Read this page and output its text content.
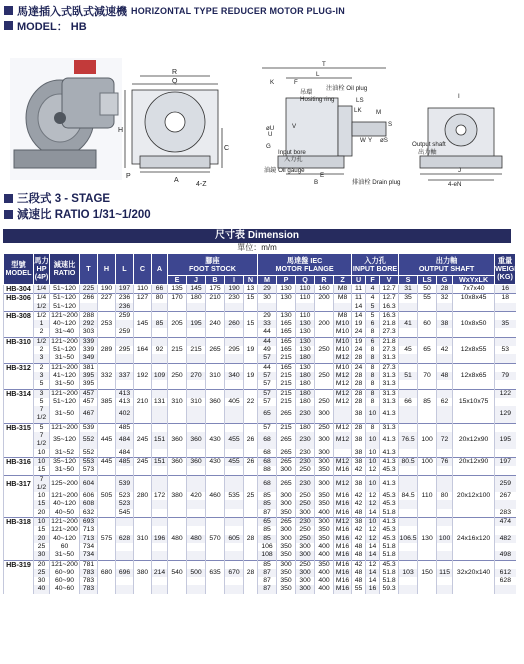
馬達插入式臥式減速機 HORIZONTAL TYPE REDUCER MOTOR PLUG-IN
MODEL： HB
R
Q
H
C
A
P
4-Z
T
L
K	F
吊環
Hositing ring
注油栓 Oil plug
LS
LK M
G
U
øU	V
W Y øS
S
Input bore
入力孔
油鏡 Oil gauge
B
E
排油栓 Drain plug
I
Output shaft
出力軸
J
4-eN
三段式 3 - STAGE
減速比 RATIO 1/31~1/200
尺寸表 Dimension
單位：m/m
型號
MODEL	馬力
HP
(4P)	減速比
RATIO	T	H	L	C	A	腳座
FOOT STOCK					馬達盤 IEC
MOTOR FLANGE					入力孔
INPUT BORE			出力軸
OUTPUT SHAFT				重量
WEIGHT
(KG)
								E	J	B	I	N	M	P	Q	R	Z	U	F	V	S	LS	G	WxYxLK	
HB-304	1/4	51~120	225	190	197	110	66	135	145	175	190	13	29	130	110	160	M8	11	4	12.7	31	50	28	7x7x40	16
HB-306	1/4	51~120	266	227	236	127	80	170	180	210	230	15	30	130	110	200	M8	11	4	12.7	35	55	32	10x8x45	18
	1/2	51~120			236													14	5	16.3					
HB-308	1/2	121~200	288		259								29	130	110		M8	14	5	16.3					
	1	40~120	292	253		145	85	205	195	240	260	15	33	165	130	200	M10	19	6	21.8	41	60	38	10x8x50	35
	2	31~40	303		259								44	165	130		M10	24	8	27.3					
HB-310	1/2	121~200	339										44	165	130		M10	19	6	21.8					
	2	51~120	339	289	295	164	92	215	215	265	295	19	49	165	130	250	M10	24	8	27.3	45	65	42	12x8x55	53
	3	31~50	349										57	215	180		M12	28	8	31.3					
HB-312	2	121~200	381										44	165	130		M10	24	8	27.3					
	3	41~120	395	332	337	192	109	250	270	310	340	19	57	215	180	250	M12	28	8	31.3	51	70	48	12x8x65	79
	5	31~50	395										57	215	180		M12	28	8	31.3					
HB-314	3	121~200	457		413								57	215	180		M12	28	8	31.3					122
	5	51~120	457	385	413	210	131	310	310	360	405	22	57	215	180	250	M12	28	8	31.3	66	85	62	15x10x75	
	7 1/2	31~50	467		402								65	265	230	300		38	10	41.3					129
HB-315	5	121~200	539		485								57	215	180	250	M12	28	8	31.3					
	7 1/2	35~120	552	445	484	245	151	360	360	430	455	26	68	265	230	300	M12	38	10	41.3	76.5	100	72	20x12x90	195
	10	31~52	552		484								68	265	230	300		38	10	41.3					
HB-316	10	35~120	553	445	485	245	151	360	360	430	455	26	68	265	230	300	M12	38	10	41.3	80.5	100	76	20x12x90	197
	15	31~50	573										88	300	250	350	M16	42	12	45.3					
HB-317	7 1/2	125~200	604		539								68	265	230	300	M12	38	10	41.3					259
	10	121~200	606	505	523	280	172	380	420	460	535	25	85	300	250	350	M16	42	12	45.3	84.5	110	80	20x12x100	267
	15	40~120	608		523								85	300	250	350	M16	42	12	45.3					
	20	40~50	632		545								87	350	300	400	M16	48	14	51.8					283
HB-318	10	121~200	693										65	265	230	300	M12	38	10	41.3					474
	15	121~200	713										85	300	250	350	M16	42	12	45.3					
	20	40~120	713	575	628	310	196	480	480	570	605	28	85	300	250	350	M16	42	12	45.3	106.5	130	100	24x16x120	482
	25	60	734										106	350	300	400	M16	48	14	51.8					
	30	31~50	734										108	350	300	400	M16	48	14	51.8					498
HB-319	20	121~200	781										85	300	250	350	M16	42	12	45.3					
	25	60~90	783	680	696	380	214	540	500	635	670	28	87	350	300	400	M16	48	14	51.8	103	150	115	32x20x140	612
	30	60~90	783										87	350	300	400	M16	48	14	51.8					628
	40	40~60	783										87	350	300	400	M16	55	16	59.3					
